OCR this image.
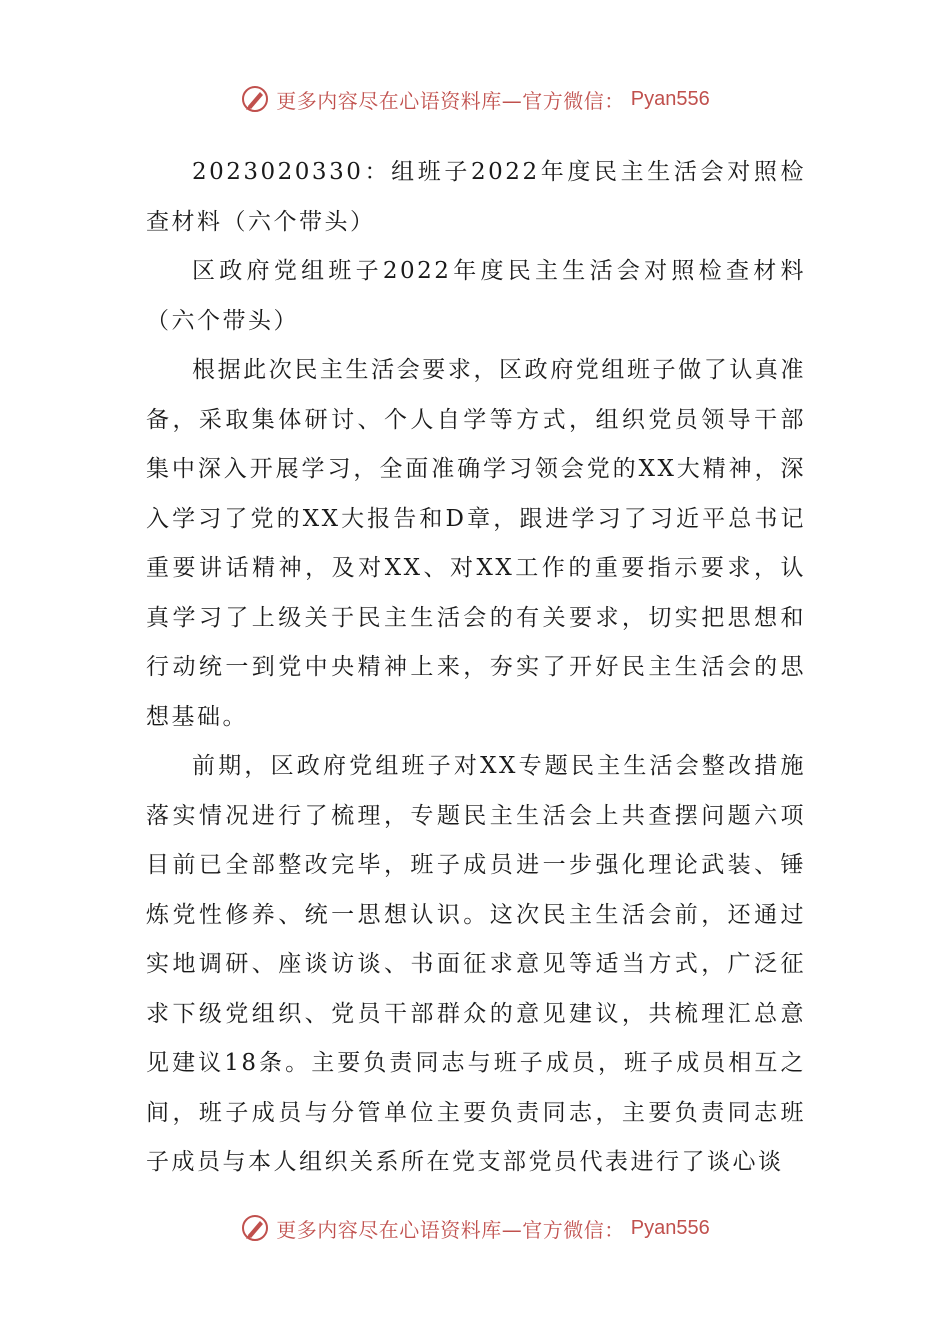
更多内容尽在心语资料库—官方微信： Pyan556

2023020330：组班子2022年度民主生活会对照检查材料（六个带头）

区政府党组班子2022年度民主生活会对照检查材料（六个带头）

根据此次民主生活会要求，区政府党组班子做了认真准备，采取集体研讨、个人自学等方式，组织党员领导干部集中深入开展学习，全面准确学习领会党的XX大精神，深入学习了党的XX大报告和D章，跟进学习了习近平总书记重要讲话精神，及对XX、对XX工作的重要指示要求，认真学习了上级关于民主生活会的有关要求，切实把思想和行动统一到党中央精神上来，夯实了开好民主生活会的思想基础。

前期，区政府党组班子对XX专题民主生活会整改措施落实情况进行了梳理，专题民主生活会上共查摆问题六项目前已全部整改完毕，班子成员进一步强化理论武装、锤炼党性修养、统一思想认识。这次民主生活会前，还通过实地调研、座谈访谈、书面征求意见等适当方式，广泛征求下级党组织、党员干部群众的意见建议，共梳理汇总意见建议18条。主要负责同志与班子成员，班子成员相互之间，班子成员与分管单位主要负责同志，主要负责同志班子成员与本人组织关系所在党支部党员代表进行了谈心谈

更多内容尽在心语资料库—官方微信： Pyan556
